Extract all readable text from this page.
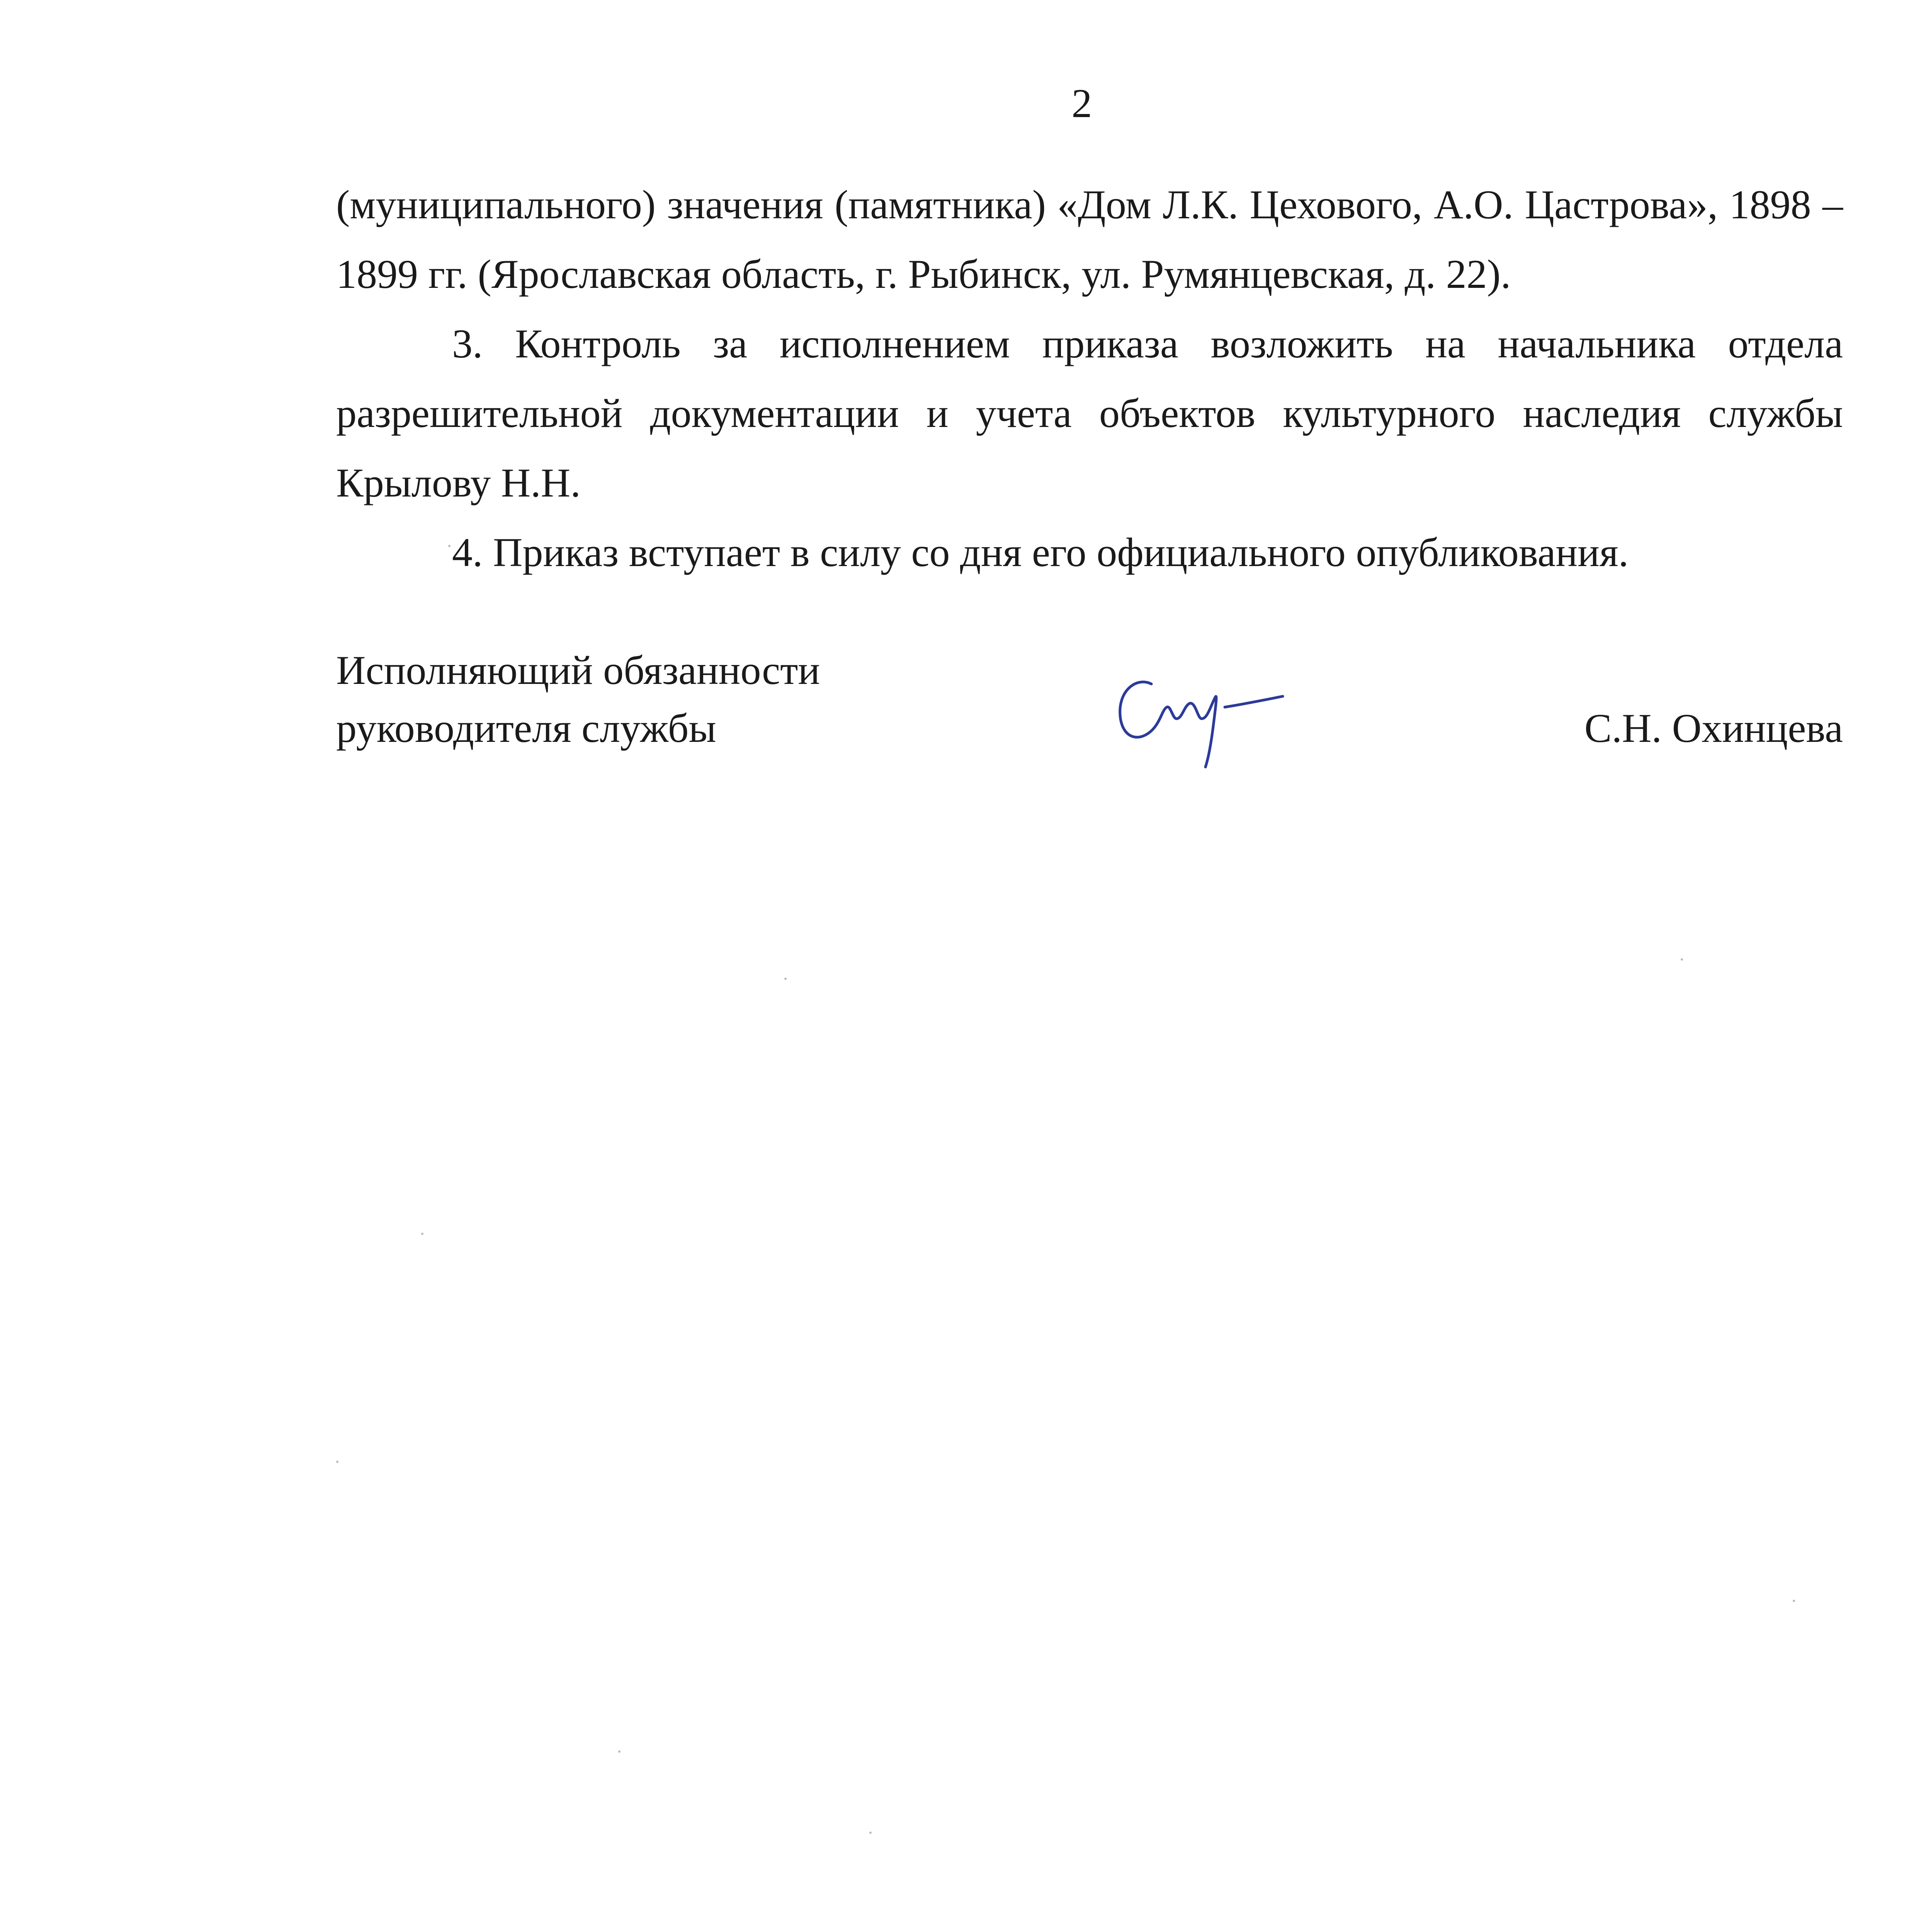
2

(муниципального) значения (памятника) «Дом Л.К. Цехового, А.О. Цастрова», 1898 – 1899 гг. (Ярославская область, г. Рыбинск, ул. Румянцевская, д. 22).

3. Контроль за исполнением приказа возложить на начальника отдела разрешительной документации и учета объектов культурного наследия службы Крылову Н.Н.

4. Приказ вступает в силу со дня его официального опубликования.

Исполняющий обязанности
руководителя службы	С.Н. Охинцева
